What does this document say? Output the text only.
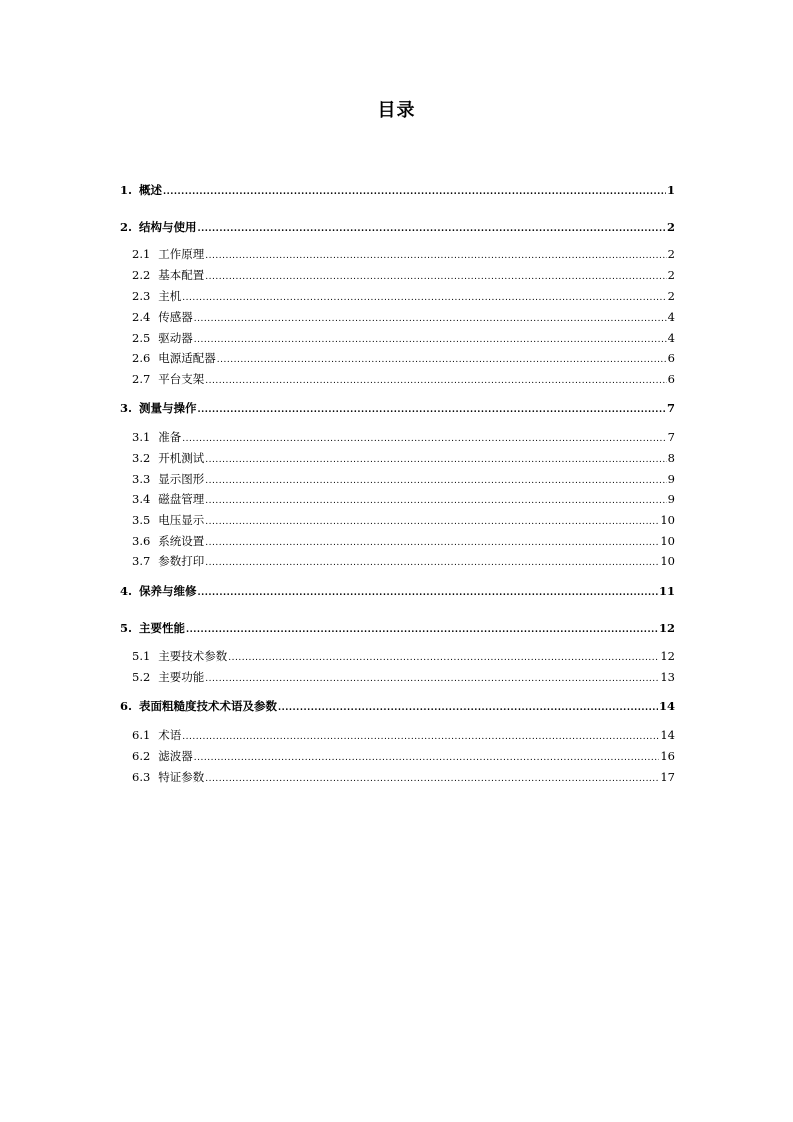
目录
1. 概述 .....	1
2. 结构与使用 .....	2
2.1 工作原理 .....	2
2.2 基本配置 .....	2
2.3 主机 .....	2
2.4 传感器 .....	4
2.5 驱动器 .....	4
2.6 电源适配器 .....	6
2.7 平台支架 .....	6
3. 测量与操作 .....	7
3.1 准备 .....	7
3.2 开机测试 .....	8
3.3 显示图形 .....	9
3.4 磁盘管理 .....	9
3.5 电压显示 .....	10
3.6 系统设置 .....	10
3.7 参数打印 .....	10
4. 保养与维修 .....	11
5. 主要性能 .....	12
5.1 主要技术参数 .....	12
5.2 主要功能 .....	13
6. 表面粗糙度技术术语及参数 .....	14
6.1 术语 .....	14
6.2 滤波器 .....	16
6.3 特证参数 .....	17
